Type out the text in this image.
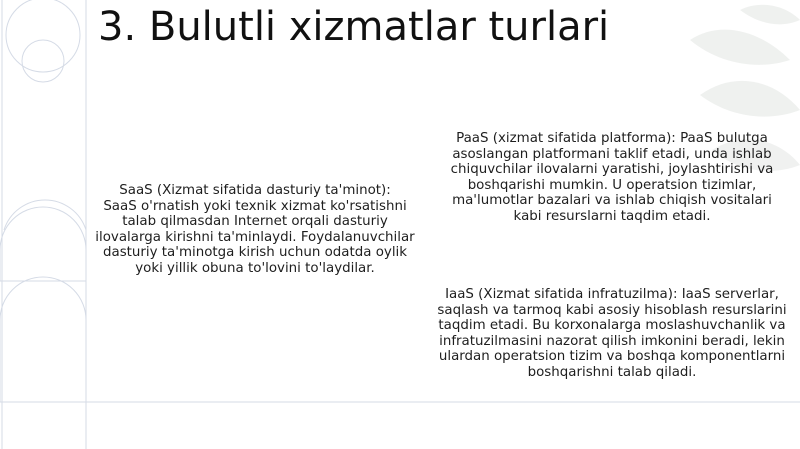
3. Bulutli xizmatlar turlari

SaaS (Xizmat sifatida dasturiy ta'minot):

SaaS o'rnatish yoki texnik xizmat ko'rsatishni talab qilmasdan Internet orqali dasturiy ilovalarga kirishni ta'minlaydi. Foydalanuvchilar dasturiy ta'minotga kirish uchun odatda oylik yoki yillik obuna to'lovini to'laydilar.

PaaS (xizmat sifatida platforma): PaaS bulutga asoslangan platformani taklif etadi, unda ishlab chiquvchilar ilovalarni yaratishi, joylashtirishi va boshqarishi mumkin. U operatsion tizimlar, ma'lumotlar bazalari va ishlab chiqish vositalari kabi resurslarni taqdim etadi.

IaaS (Xizmat sifatida infratuzilma): IaaS serverlar, saqlash va tarmoq kabi asosiy hisoblash resurslarini taqdim etadi. Bu korxonalarga moslashuvchanlik va infratuzilmasini nazorat qilish imkonini beradi, lekin ulardan operatsion tizim va boshqa komponentlarni boshqarishni talab qiladi.
